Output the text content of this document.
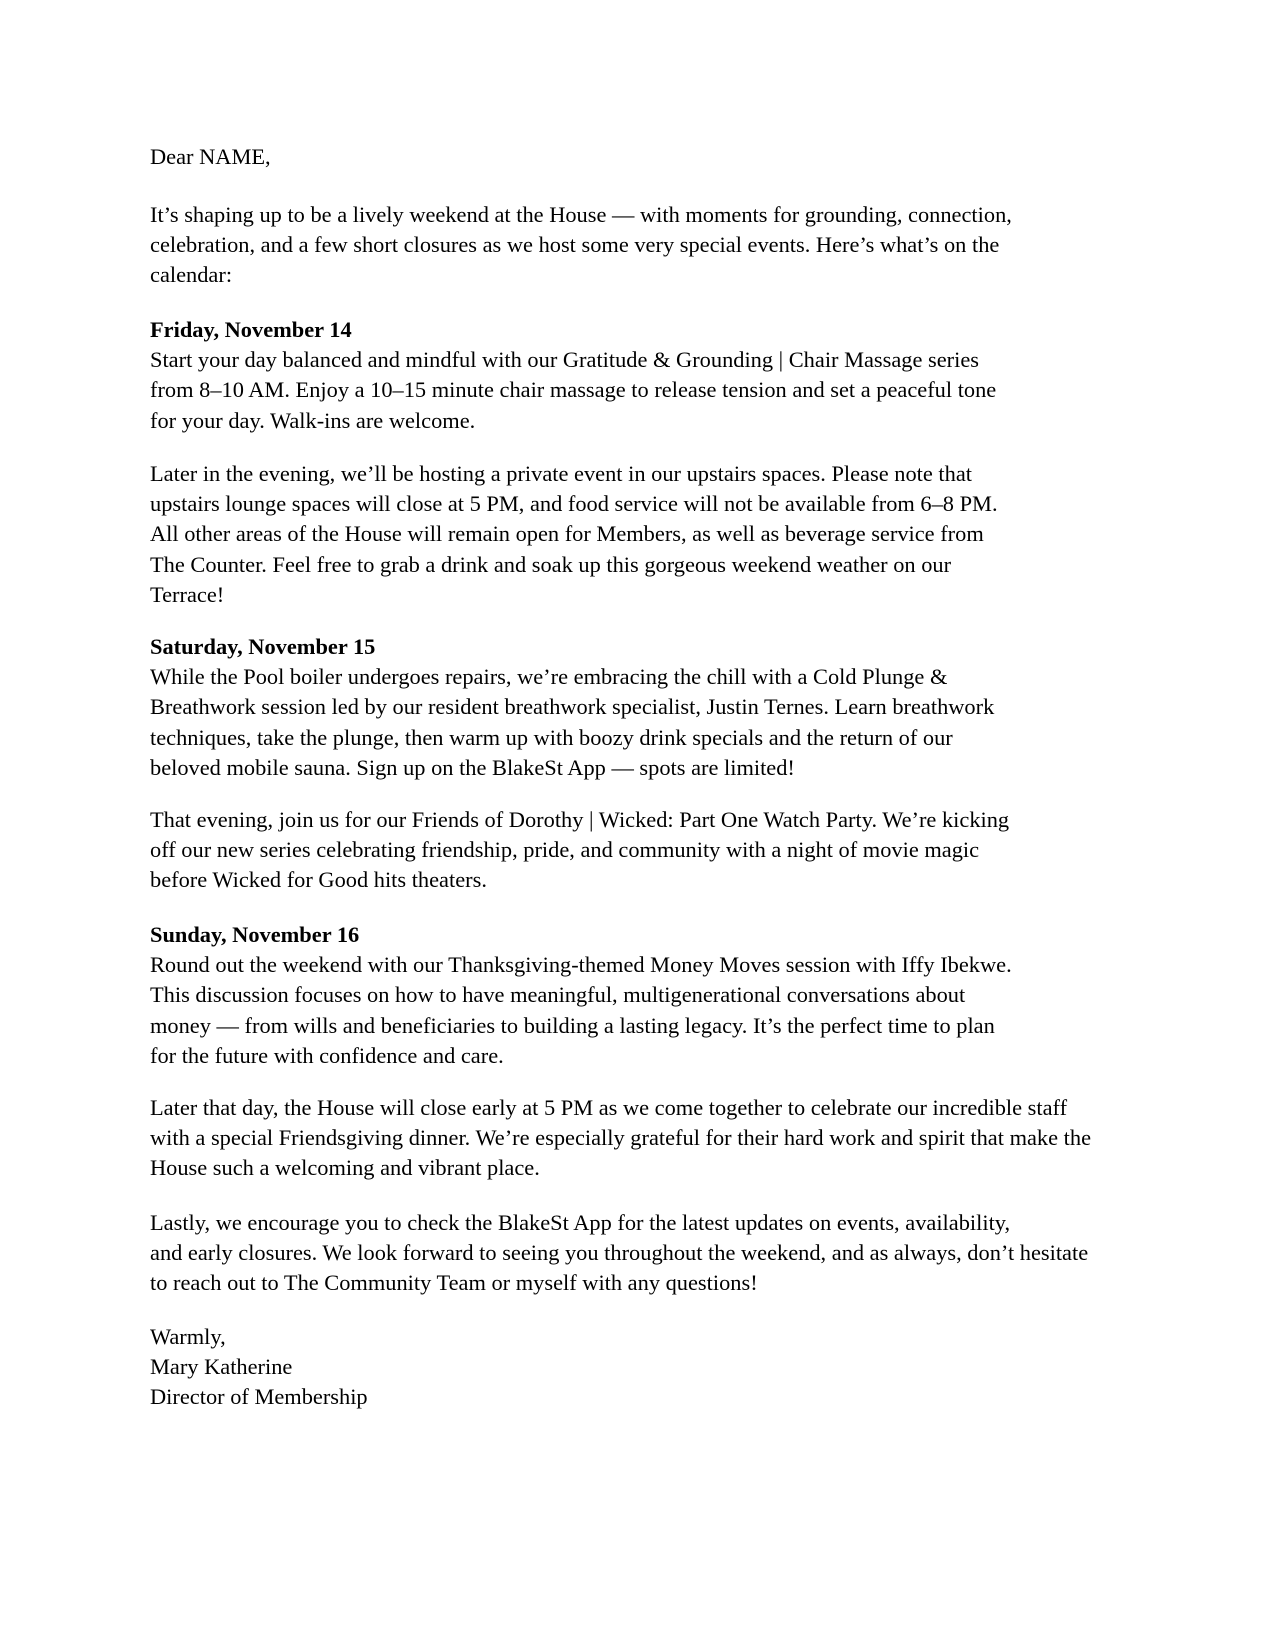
Dear NAME,
It’s shaping up to be a lively weekend at the House — with moments for grounding, connection,
celebration, and a few short closures as we host some very special events. Here’s what’s on the
calendar:
Friday, November 14
Start your day balanced and mindful with our Gratitude & Grounding | Chair Massage series
from 8–10 AM. Enjoy a 10–15 minute chair massage to release tension and set a peaceful tone
for your day. Walk-ins are welcome.
Later in the evening, we’ll be hosting a private event in our upstairs spaces. Please note that
upstairs lounge spaces will close at 5 PM, and food service will not be available from 6–8 PM.
All other areas of the House will remain open for Members, as well as beverage service from
The Counter. Feel free to grab a drink and soak up this gorgeous weekend weather on our
Terrace!
Saturday, November 15
While the Pool boiler undergoes repairs, we’re embracing the chill with a Cold Plunge &
Breathwork session led by our resident breathwork specialist, Justin Ternes. Learn breathwork
techniques, take the plunge, then warm up with boozy drink specials and the return of our
beloved mobile sauna. Sign up on the BlakeSt App — spots are limited!
That evening, join us for our Friends of Dorothy | Wicked: Part One Watch Party. We’re kicking
off our new series celebrating friendship, pride, and community with a night of movie magic
before Wicked for Good hits theaters.
Sunday, November 16
Round out the weekend with our Thanksgiving-themed Money Moves session with Iffy Ibekwe.
This discussion focuses on how to have meaningful, multigenerational conversations about
money — from wills and beneficiaries to building a lasting legacy. It’s the perfect time to plan
for the future with confidence and care.
Later that day, the House will close early at 5 PM as we come together to celebrate our incredible staff
with a special Friendsgiving dinner. We’re especially grateful for their hard work and spirit that make the
House such a welcoming and vibrant place.
Lastly, we encourage you to check the BlakeSt App for the latest updates on events, availability,
and early closures. We look forward to seeing you throughout the weekend, and as always, don’t hesitate
to reach out to The Community Team or myself with any questions!
Warmly,
Mary Katherine
Director of Membership
